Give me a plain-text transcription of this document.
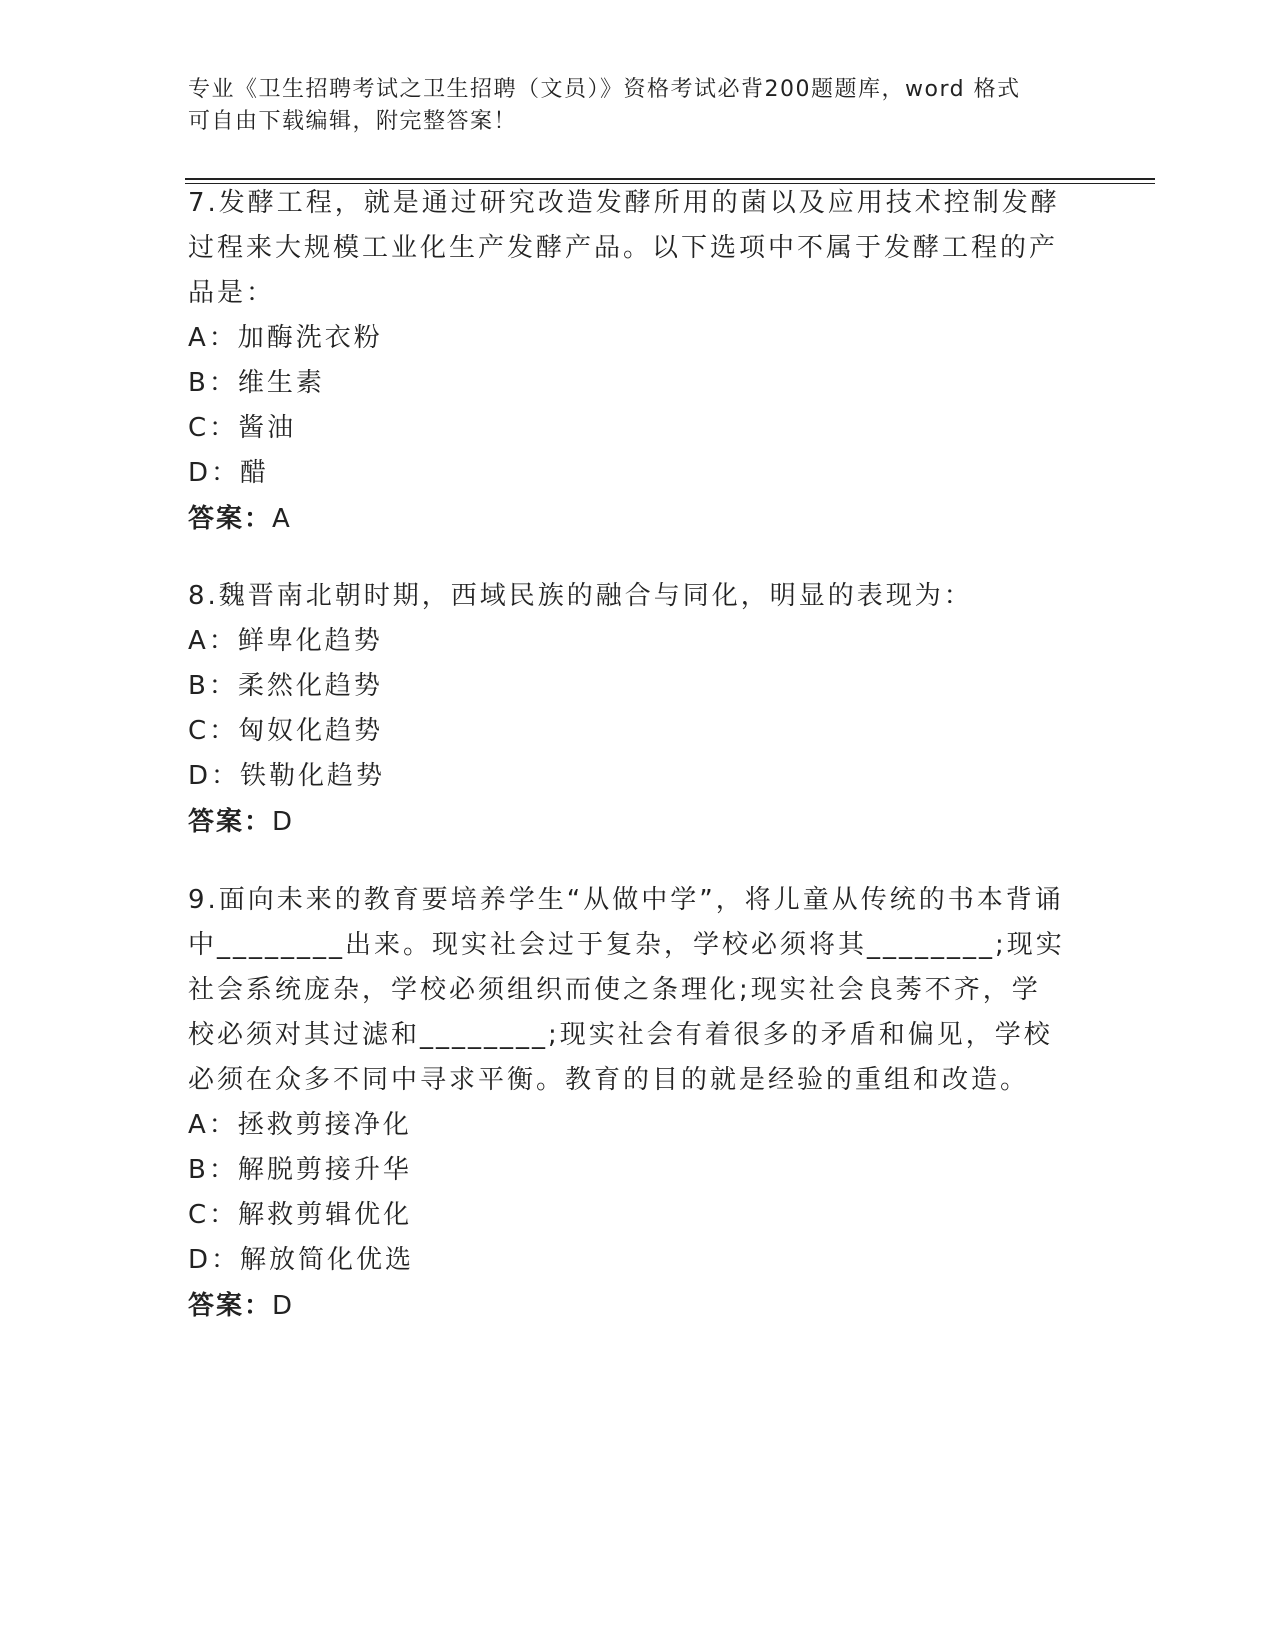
专业《卫生招聘考试之卫生招聘（文员）》资格考试必背200题题库，word 格式
可自由下载编辑，附完整答案！

7.发酵工程，就是通过研究改造发酵所用的菌以及应用技术控制发酵过程来大规模工业化生产发酵产品。以下选项中不属于发酵工程的产品是：

A：加酶洗衣粉

B：维生素

C：酱油

D：醋

答案：A

8.魏晋南北朝时期，西域民族的融合与同化，明显的表现为：

A：鲜卑化趋势

B：柔然化趋势

C：匈奴化趋势

D：铁勒化趋势

答案：D

9.面向未来的教育要培养学生“从做中学”，将儿童从传统的书本背诵中________出来。现实社会过于复杂，学校必须将其________;现实社会系统庞杂，学校必须组织而使之条理化;现实社会良莠不齐，学校必须对其过滤和________;现实社会有着很多的矛盾和偏见，学校必须在众多不同中寻求平衡。教育的目的就是经验的重组和改造。

A：拯救剪接净化

B：解脱剪接升华

C：解救剪辑优化

D：解放简化优选

答案：D
